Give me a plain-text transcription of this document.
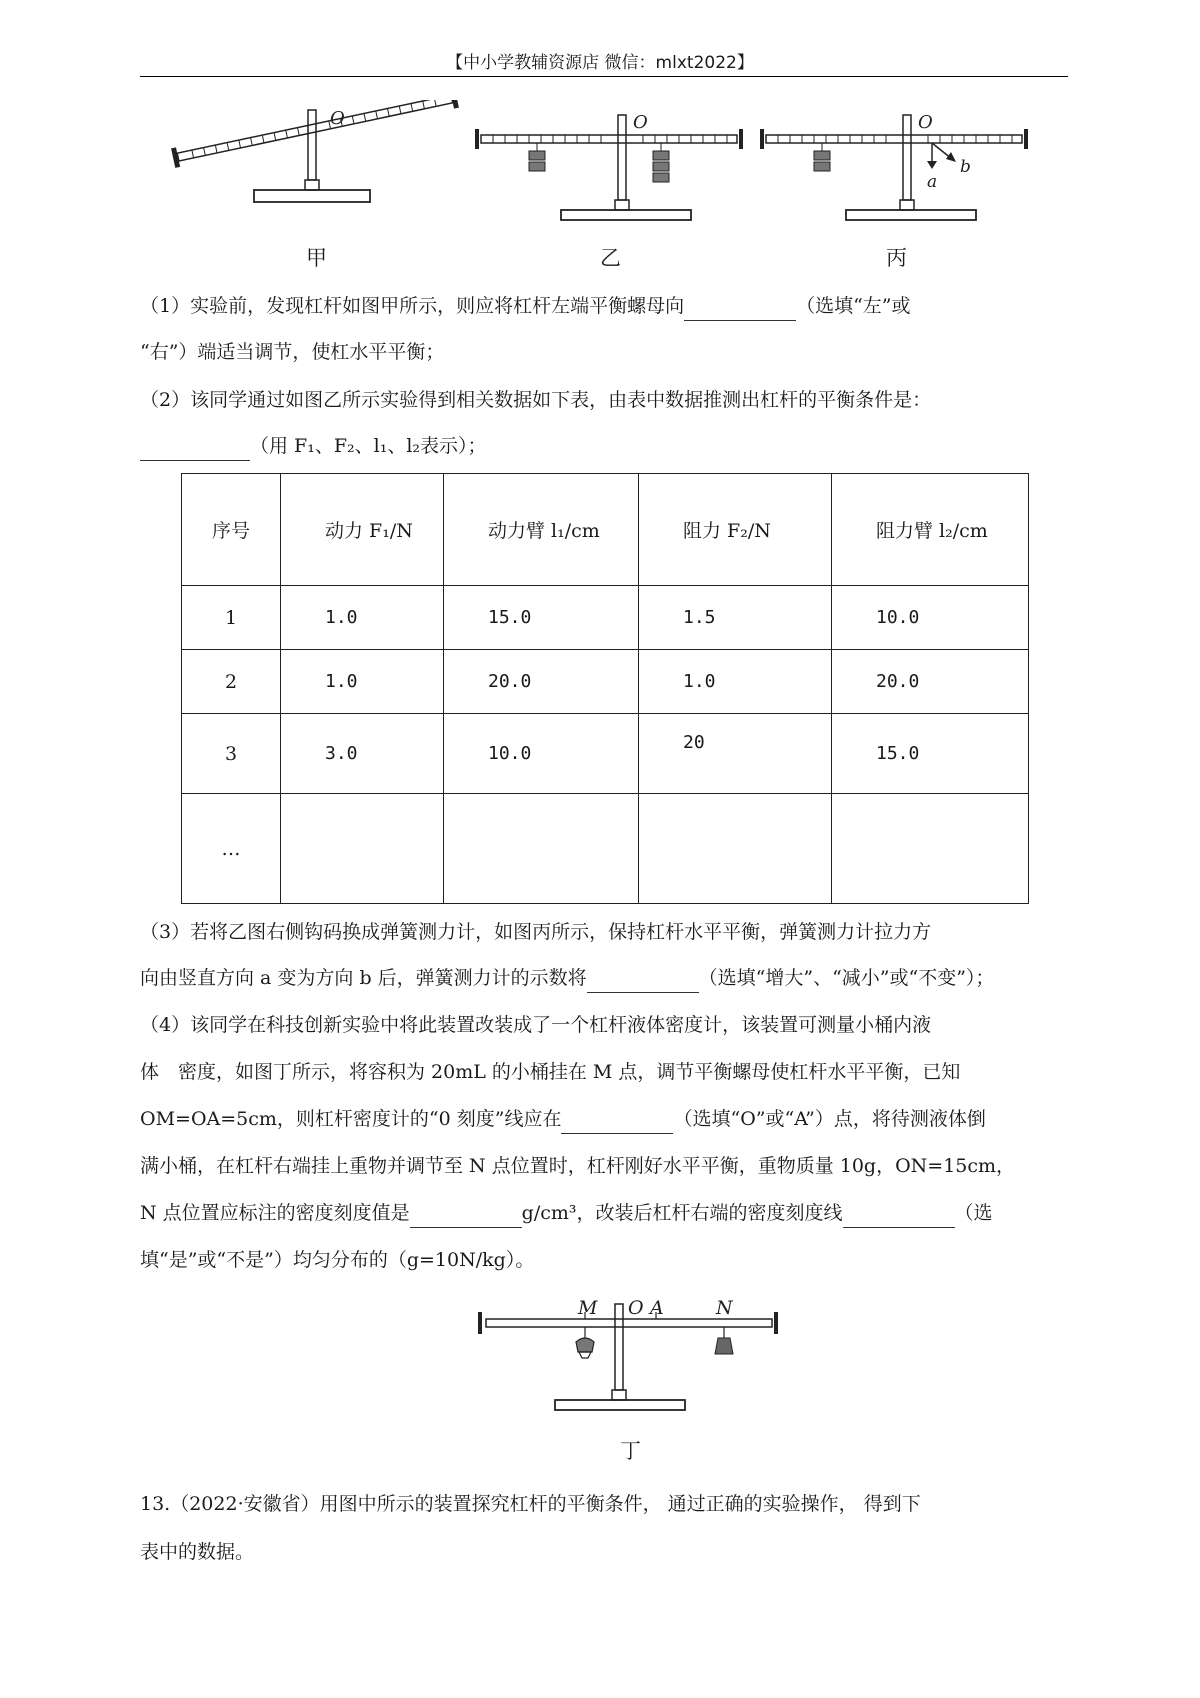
【中小学教辅资源店 微信：mlxt2022】
O
甲
O
乙
O
a
b
丙
（1）实验前，发现杠杆如图甲所示，则应将杠杆左端平衡螺母向	（选填“左”或
“右”）端适当调节，使杠水平平衡；
（2）该同学通过如图乙所示实验得到相关数据如下表，由表中数据推测出杠杆的平衡条件是：
（用 F₁、F₂、l₁、l₂表示）；
序号	动力 F₁/N	动力臂 l₁/cm	阻力 F₂/N	阻力臂 l₂/cm
1	1.0	15.0	1.5	10.0
2	1.0	20.0	1.0	20.0
3	3.0	10.0	20	15.0
…				
（3）若将乙图右侧钩码换成弹簧测力计，如图丙所示，保持杠杆水平平衡，弹簧测力计拉力方
向由竖直方向 a 变为方向 b 后，弹簧测力计的示数将	（选填“增大”、“减小”或“不变”）；
（4）该同学在科技创新实验中将此装置改装成了一个杠杆液体密度计，该装置可测量小桶内液
体　密度，如图丁所示，将容积为 20mL 的小桶挂在 M 点，调节平衡螺母使杠杆水平平衡，已知
OM=OA=5cm，则杠杆密度计的“0 刻度”线应在	（选填“O”或“A”）点，将待测液体倒
满小桶，在杠杆右端挂上重物并调节至 N 点位置时，杠杆刚好水平平衡，重物质量 10g，ON=15cm，
N 点位置应标注的密度刻度值是	g/cm³，改装后杠杆右端的密度刻度线	（选
填“是”或“不是”）均匀分布的（g=10N/kg）。
M O A	N
丁
13.（2022·安徽省）用图中所示的装置探究杠杆的平衡条件， 通过正确的实验操作， 得到下
表中的数据。
